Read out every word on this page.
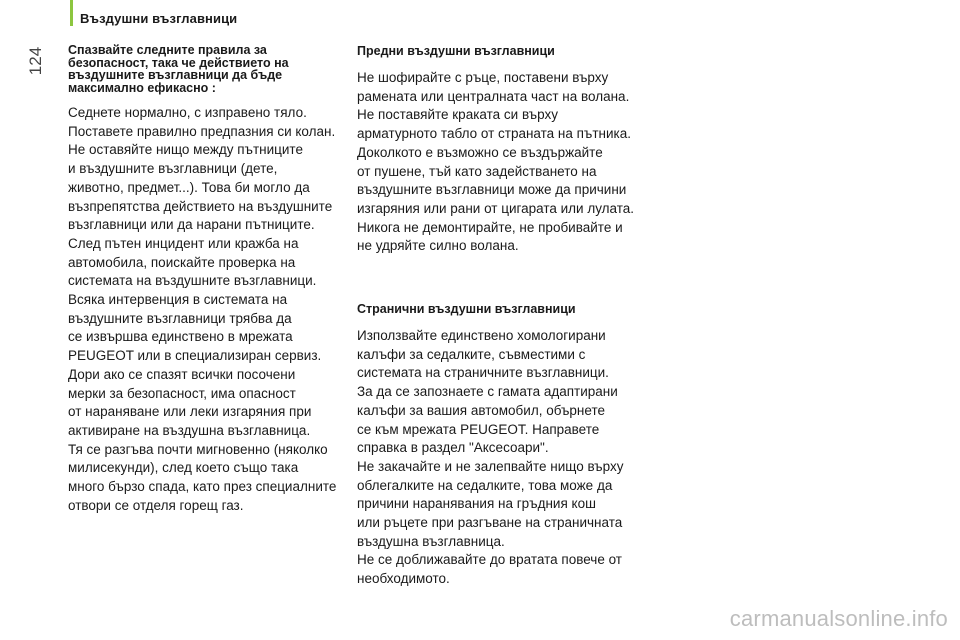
Въздушни възглавници
124	Спазвайте следните правила за
безопасност, така че действието на
въздушните възглавници да бъде
максимално ефикасно :
Седнете нормално, с изправено тяло.
Поставете правилно предпазния си колан.
Не оставяйте нищо между пътниците
и въздушните възглавници (дете,
животно, предмет...). Това би могло да
възпрепятства действието на въздушните
възглавници или да нарани пътниците.
След пътен инцидент или кражба на
автомобила, поискайте проверка на
системата на въздушните възглавници.
Всяка интервенция в системата на
въздушните възглавници трябва да
се извършва единствено в мрежата
PEUGEOT или в специализиран сервиз.
Дори ако се спазят всички посочени
мерки за безопасност, има опасност
от нараняване или леки изгаряния при
активиране на въздушна възглавница.
Тя се разгъва почти мигновенно (няколко
милисекунди), след което също така
много бързо спада, като през специалните
отвори се отделя горещ газ.
Предни въздушни възглавници
Не шофирайте с ръце, поставени върху
рамената или централната част на волана.
Не поставяйте краката си върху
арматурното табло от страната на пътника.
Доколкото е възможно се въздържайте
от пушене, тъй като задействането на
въздушните възглавници може да причини
изгаряния или рани от цигарата или лулата.
Никога не демонтирайте, не пробивайте и
не удряйте силно волана.
Странични въздушни възглавници
Използвайте единствено хомологирани
калъфи за седалките, съвместими с
системата на страничните възглавници.
За да се запознаете с гамата адаптирани
калъфи за вашия автомобил, обърнете
се към мрежата PEUGEOT. Направете
справка в раздел "Аксесоари".
Не закачайте и не залепвайте нищо върху
облегалките на седалките, това може да
причини наранявания на гръдния кош
или ръцете при разгъване на страничната
въздушна възглавница.
Не се доближавайте до вратата повече от
необходимото.
carmanualsonline.info
